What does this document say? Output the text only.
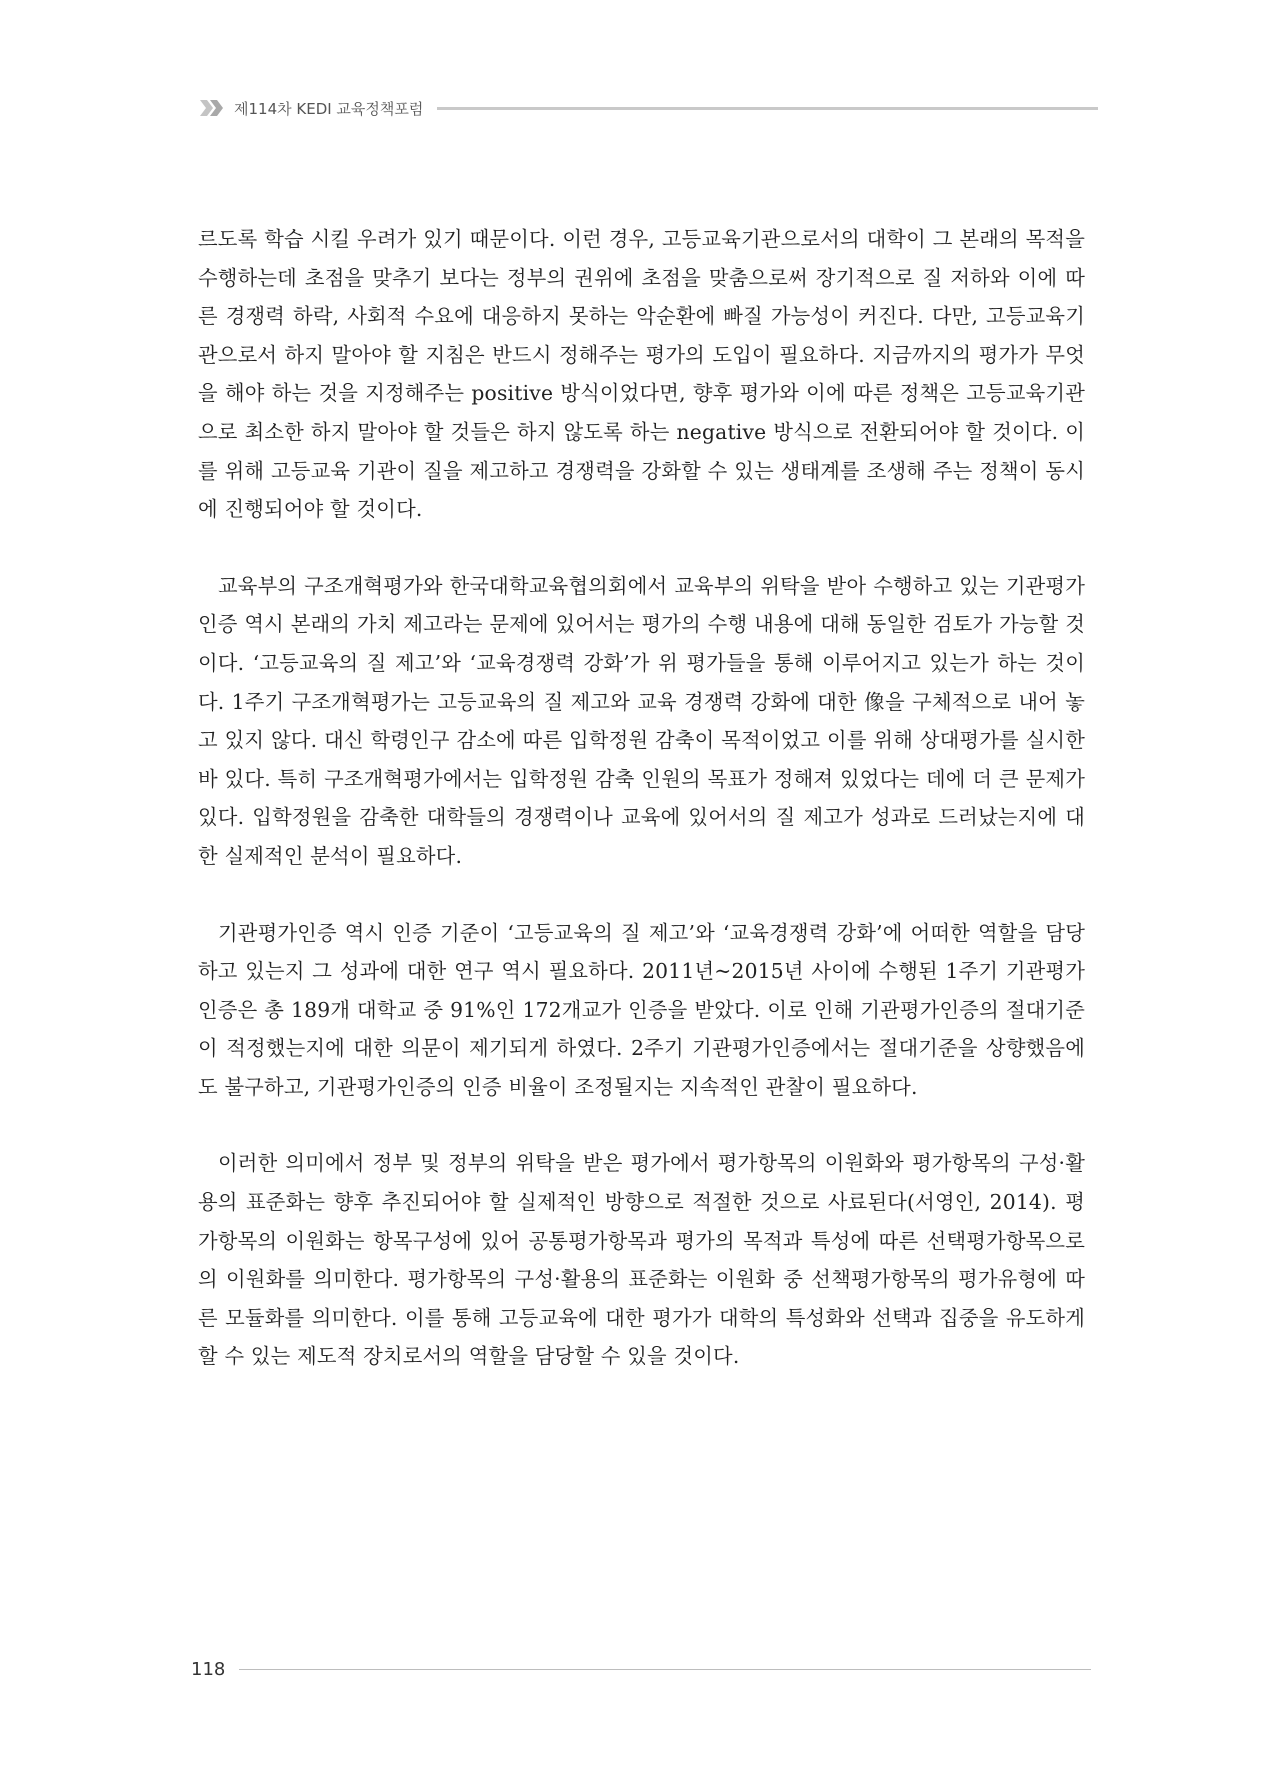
제114차 KEDI 교육정책포럼

르도록 학습 시킬 우려가 있기 때문이다. 이런 경우, 고등교육기관으로서의 대학이 그 본래의 목적을 수행하는데 초점을 맞추기 보다는 정부의 권위에 초점을 맞춤으로써 장기적으로 질 저하와 이에 따른 경쟁력 하락, 사회적 수요에 대응하지 못하는 악순환에 빠질 가능성이 커진다. 다만, 고등교육기관으로서 하지 말아야 할 지침은 반드시 정해주는 평가의 도입이 필요하다. 지금까지의 평가가 무엇을 해야 하는 것을 지정해주는 positive 방식이었다면, 향후 평가와 이에 따른 정책은 고등교육기관으로 최소한 하지 말아야 할 것들은 하지 않도록 하는 negative 방식으로 전환되어야 할 것이다. 이를 위해 고등교육 기관이 질을 제고하고 경쟁력을 강화할 수 있는 생태계를 조생해 주는 정책이 동시에 진행되어야 할 것이다.

교육부의 구조개혁평가와 한국대학교육협의회에서 교육부의 위탁을 받아 수행하고 있는 기관평가인증 역시 본래의 가치 제고라는 문제에 있어서는 평가의 수행 내용에 대해 동일한 검토가 가능할 것이다. ‘고등교육의 질 제고’와 ‘교육경쟁력 강화’가 위 평가들을 통해 이루어지고 있는가 하는 것이다. 1주기 구조개혁평가는 고등교육의 질 제고와 교육 경쟁력 강화에 대한 像을 구체적으로 내어 놓고 있지 않다. 대신 학령인구 감소에 따른 입학정원 감축이 목적이었고 이를 위해 상대평가를 실시한 바 있다. 특히 구조개혁평가에서는 입학정원 감축 인원의 목표가 정해져 있었다는 데에 더 큰 문제가 있다. 입학정원을 감축한 대학들의 경쟁력이나 교육에 있어서의 질 제고가 성과로 드러났는지에 대한 실제적인 분석이 필요하다.

기관평가인증 역시 인증 기준이 ‘고등교육의 질 제고’와 ‘교육경쟁력 강화’에 어떠한 역할을 담당하고 있는지 그 성과에 대한 연구 역시 필요하다. 2011년~2015년 사이에 수행된 1주기 기관평가인증은 총 189개 대학교 중 91%인 172개교가 인증을 받았다. 이로 인해 기관평가인증의 절대기준이 적정했는지에 대한 의문이 제기되게 하였다. 2주기 기관평가인증에서는 절대기준을 상향했음에도 불구하고, 기관평가인증의 인증 비율이 조정될지는 지속적인 관찰이 필요하다.

이러한 의미에서 정부 및 정부의 위탁을 받은 평가에서 평가항목의 이원화와 평가항목의 구성·활용의 표준화는 향후 추진되어야 할 실제적인 방향으로 적절한 것으로 사료된다(서영인, 2014). 평가항목의 이원화는 항목구성에 있어 공통평가항목과 평가의 목적과 특성에 따른 선택평가항목으로의 이원화를 의미한다. 평가항목의 구성·활용의 표준화는 이원화 중 선책평가항목의 평가유형에 따른 모듈화를 의미한다. 이를 통해 고등교육에 대한 평가가 대학의 특성화와 선택과 집중을 유도하게 할 수 있는 제도적 장치로서의 역할을 담당할 수 있을 것이다.

118
